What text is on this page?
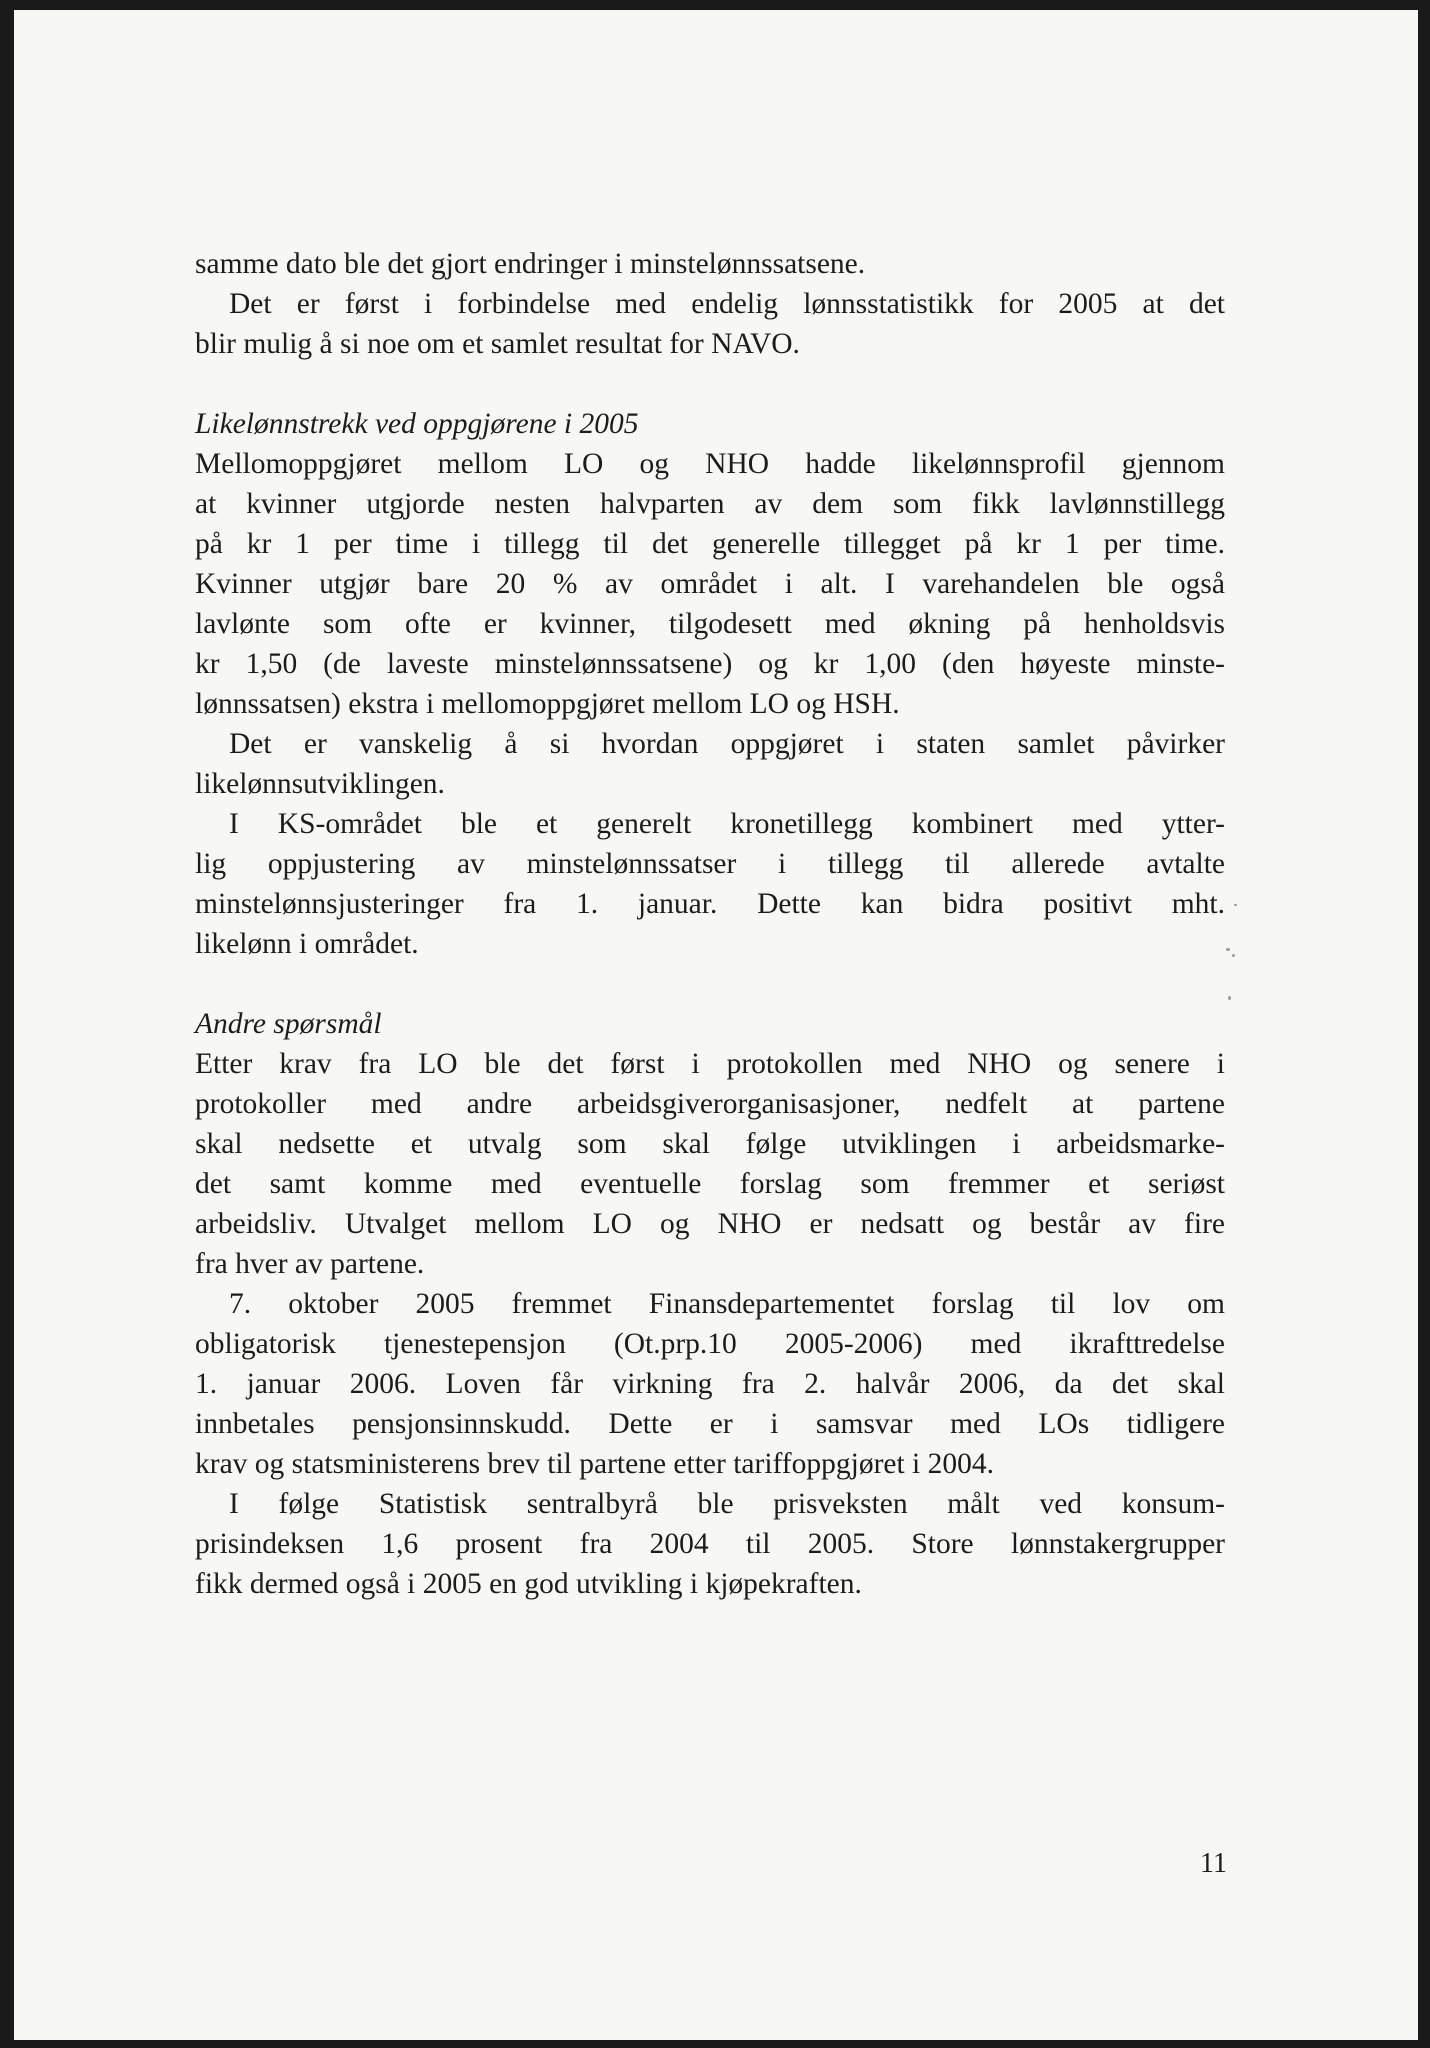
samme dato ble det gjort endringer i minstelønnssatsene.
Det er først i forbindelse med endelig lønnsstatistikk for 2005 at det
blir mulig å si noe om et samlet resultat for NAVO.
Likelønnstrekk ved oppgjørene i 2005
Mellomoppgjøret mellom LO og NHO hadde likelønnsprofil gjennom
at kvinner utgjorde nesten halvparten av dem som fikk lavlønnstillegg
på kr 1 per time i tillegg til det generelle tillegget på kr 1 per time.
Kvinner utgjør bare 20 % av området i alt. I varehandelen ble også
lavlønte som ofte er kvinner, tilgodesett med økning på henholdsvis
kr 1,50 (de laveste minstelønnssatsene) og kr 1,00 (den høyeste minste-
lønnssatsen) ekstra i mellomoppgjøret mellom LO og HSH.
Det er vanskelig å si hvordan oppgjøret i staten samlet påvirker
likelønnsutviklingen.
I KS-området ble et generelt kronetillegg kombinert med ytter-
lig oppjustering av minstelønnssatser i tillegg til allerede avtalte
minstelønnsjusteringer fra 1. januar. Dette kan bidra positivt mht.
likelønn i området.
Andre spørsmål
Etter krav fra LO ble det først i protokollen med NHO og senere i
protokoller med andre arbeidsgiverorganisasjoner, nedfelt at partene
skal nedsette et utvalg som skal følge utviklingen i arbeidsmarke-
det samt komme med eventuelle forslag som fremmer et seriøst
arbeidsliv. Utvalget mellom LO og NHO er nedsatt og består av fire
fra hver av partene.
7. oktober 2005 fremmet Finansdepartementet forslag til lov om
obligatorisk tjenestepensjon (Ot.prp.10 2005-2006) med ikrafttredelse
1. januar 2006. Loven får virkning fra 2. halvår 2006, da det skal
innbetales pensjonsinnskudd. Dette er i samsvar med LOs tidligere
krav og statsministerens brev til partene etter tariffoppgjøret i 2004.
I følge Statistisk sentralbyrå ble prisveksten målt ved konsum-
prisindeksen 1,6 prosent fra 2004 til 2005. Store lønnstakergrupper
fikk dermed også i 2005 en god utvikling i kjøpekraften.
11
